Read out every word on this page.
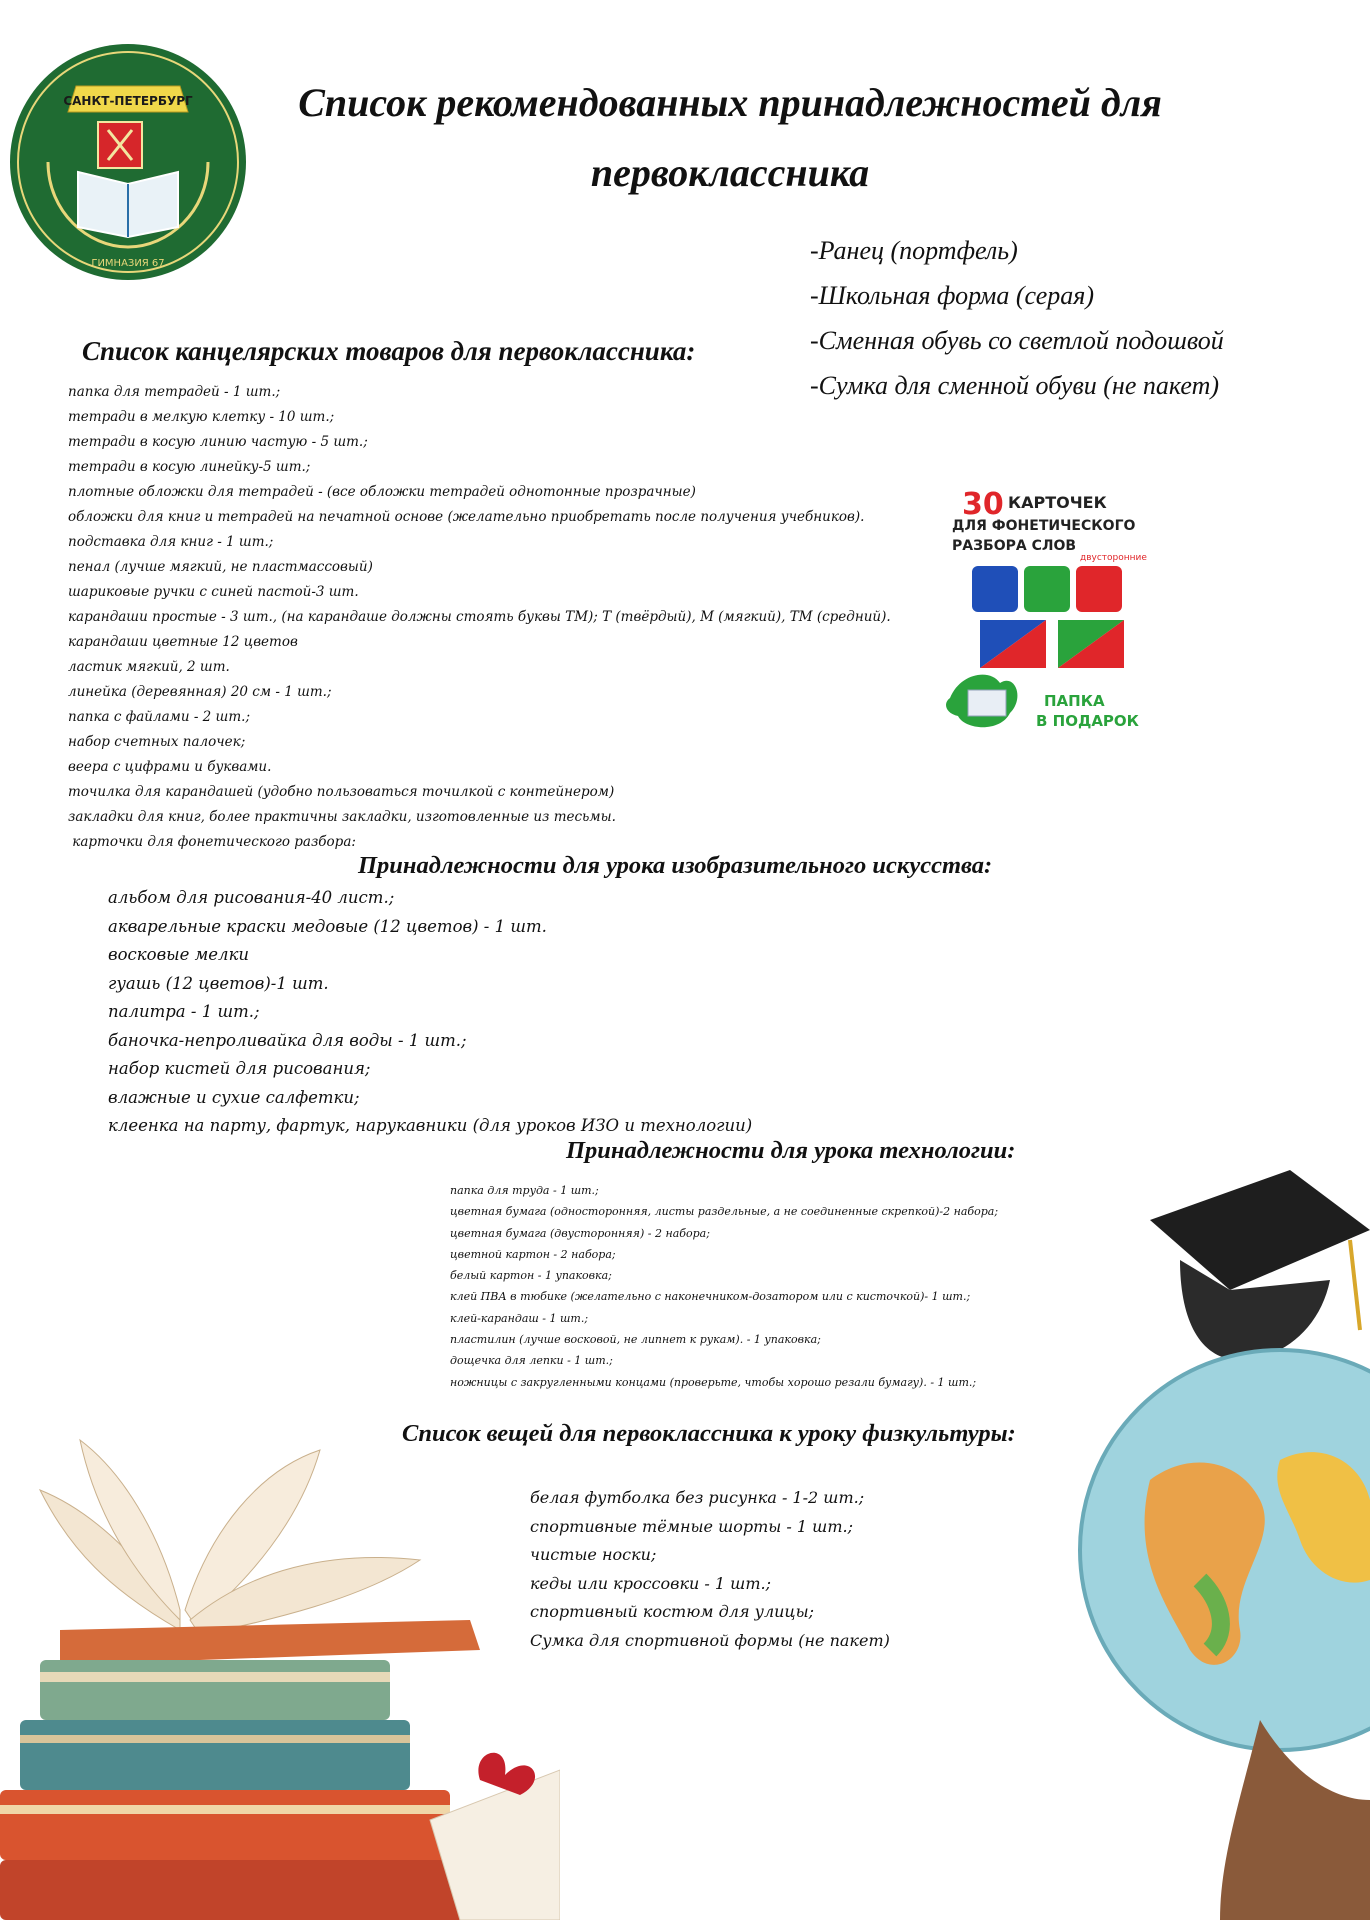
САНКТ-ПЕТЕРБУРГ
ГИМНАЗИЯ 67
Список рекомендованных принадлежностей для
первоклассника
-Ранец (портфель)
-Школьная форма (серая)
-Сменная обувь со светлой подошвой
-Сумка для сменной обуви (не пакет)
Список канцелярских товаров для первоклассника:
папка для тетрадей - 1 шт.;
тетради в мелкую клетку - 10 шт.;
тетради в косую линию частую - 5 шт.;
тетради в косую линейку-5 шт.;
плотные обложки для тетрадей - (все обложки тетрадей однотонные прозрачные)
обложки для книг и тетрадей на печатной основе (желательно приобретать после получения учебников).
подставка для книг - 1 шт.;
пенал (лучше мягкий, не пластмассовый)
шариковые ручки с синей пастой-3 шт.
карандаши простые - 3 шт., (на карандаше должны стоять буквы ТМ); Т (твёрдый), М (мягкий), ТМ (средний).
карандаши цветные 12 цветов
ластик мягкий, 2 шт.
линейка (деревянная) 20 см - 1 шт.;
папка с файлами - 2 шт.;
набор счетных палочек;
веера с цифрами и буквами.
точилка для карандашей (удобно пользоваться точилкой с контейнером)
закладки для книг, более практичны закладки, изготовленные из тесьмы.
карточки для фонетического разбора:
30 КАРТОЧЕК
ДЛЯ ФОНЕТИЧЕСКОГО
РАЗБОРА СЛОВ
двусторонние
ПАПКА
В ПОДАРОК
Принадлежности для урока изобразительного искусства:
альбом для рисования-40 лист.;
акварельные краски медовые (12 цветов) - 1 шт.
восковые мелки
гуашь (12 цветов)-1 шт.
палитра - 1 шт.;
баночка-непроливайка для воды - 1 шт.;
набор кистей для рисования;
влажные и сухие салфетки;
клеенка на парту, фартук, нарукавники (для уроков ИЗО и технологии)
Принадлежности для урока технологии:
папка для труда - 1 шт.;
цветная бумага (односторонняя, листы раздельные, а не соединенные скрепкой)-2 набора;
цветная бумага (двусторонняя) - 2 набора;
цветной картон - 2 набора;
белый картон - 1 упаковка;
клей ПВА в тюбике (желательно с наконечником-дозатором или с кисточкой)- 1 шт.;
клей-карандаш - 1 шт.;
пластилин (лучше восковой, не липнет к рукам). - 1 упаковка;
дощечка для лепки - 1 шт.;
ножницы с закругленными концами (проверьте, чтобы хорошо резали бумагу). - 1 шт.;
Список вещей для первоклассника к уроку физкультуры:
белая футболка без рисунка - 1-2 шт.;
спортивные тёмные шорты - 1 шт.;
чистые носки;
кеды или кроссовки - 1 шт.;
спортивный костюм для улицы;
Сумка для спортивной формы (не пакет)
